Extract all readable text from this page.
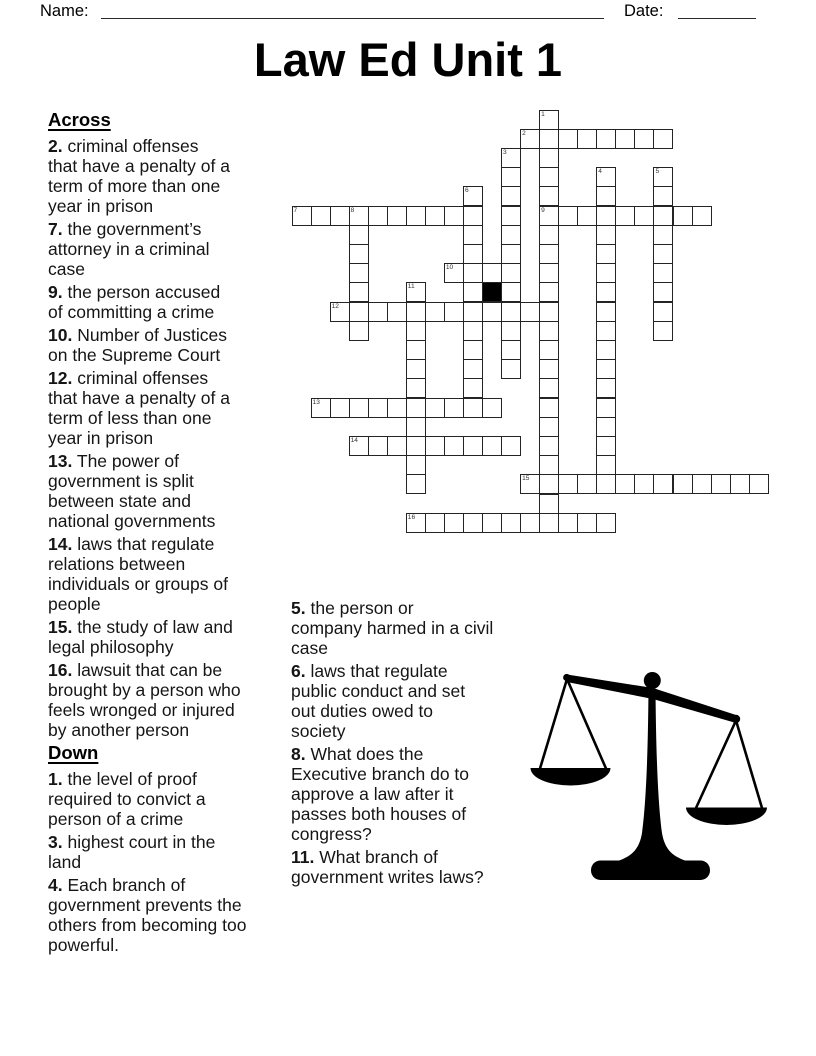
Name:	Date:
Law Ed Unit 1
1
9
2
3
4	5
6
7	8
10
11
12
13
14
15
16
Across
2. criminal offenses
that have a penalty of a
term of more than one
year in prison
7. the government’s
attorney in a criminal
case
9. the person accused
of committing a crime
10. Number of Justices
on the Supreme Court
12. criminal offenses
that have a penalty of a
term of less than one
year in prison
13. The power of
government is split
between state and
national governments
14. laws that regulate
relations between
individuals or groups of
people
15. the study of law and
legal philosophy
16. lawsuit that can be
brought by a person who
feels wronged or injured
by another person
Down
1. the level of proof
required to convict a
person of a crime
3. highest court in the
land
4. Each branch of
government prevents the
others from becoming too
powerful.
5. the person or
company harmed in a civil
case
6. laws that regulate
public conduct and set
out duties owed to
society
8. What does the
Executive branch do to
approve a law after it
passes both houses of
congress?
11. What branch of
government writes laws?
